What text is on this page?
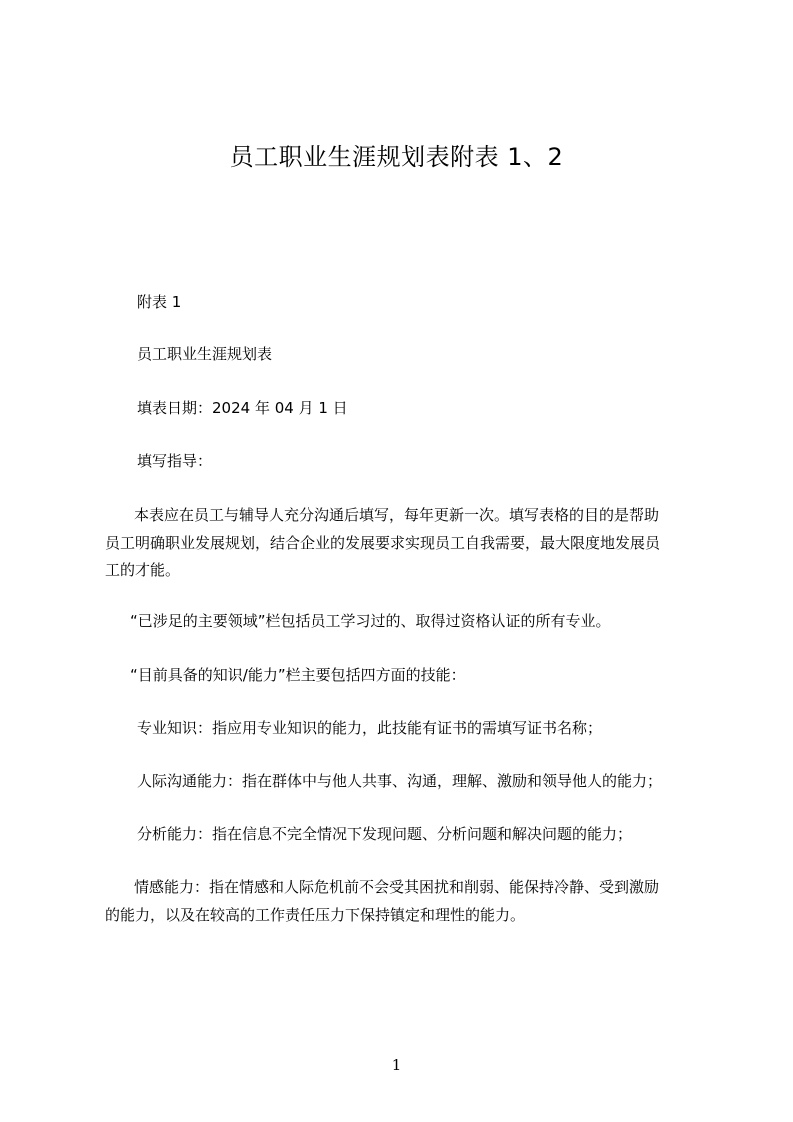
员工职业生涯规划表附表 1、2
附表 1
员工职业生涯规划表
填表日期：2024 年 04 月 1 日
填写指导：
本表应在员工与辅导人充分沟通后填写，每年更新一次。填写表格的目的是帮助
员工明确职业发展规划，结合企业的发展要求实现员工自我需要，最大限度地发展员
工的才能。
“已涉足的主要领域”栏包括员工学习过的、取得过资格认证的所有专业。
“目前具备的知识/能力”栏主要包括四方面的技能：
专业知识：指应用专业知识的能力，此技能有证书的需填写证书名称；
人际沟通能力：指在群体中与他人共事、沟通，理解、激励和领导他人的能力；
分析能力：指在信息不完全情况下发现问题、分析问题和解决问题的能力；
情感能力：指在情感和人际危机前不会受其困扰和削弱、能保持冷静、受到激励
的能力，以及在较高的工作责任压力下保持镇定和理性的能力。
1
